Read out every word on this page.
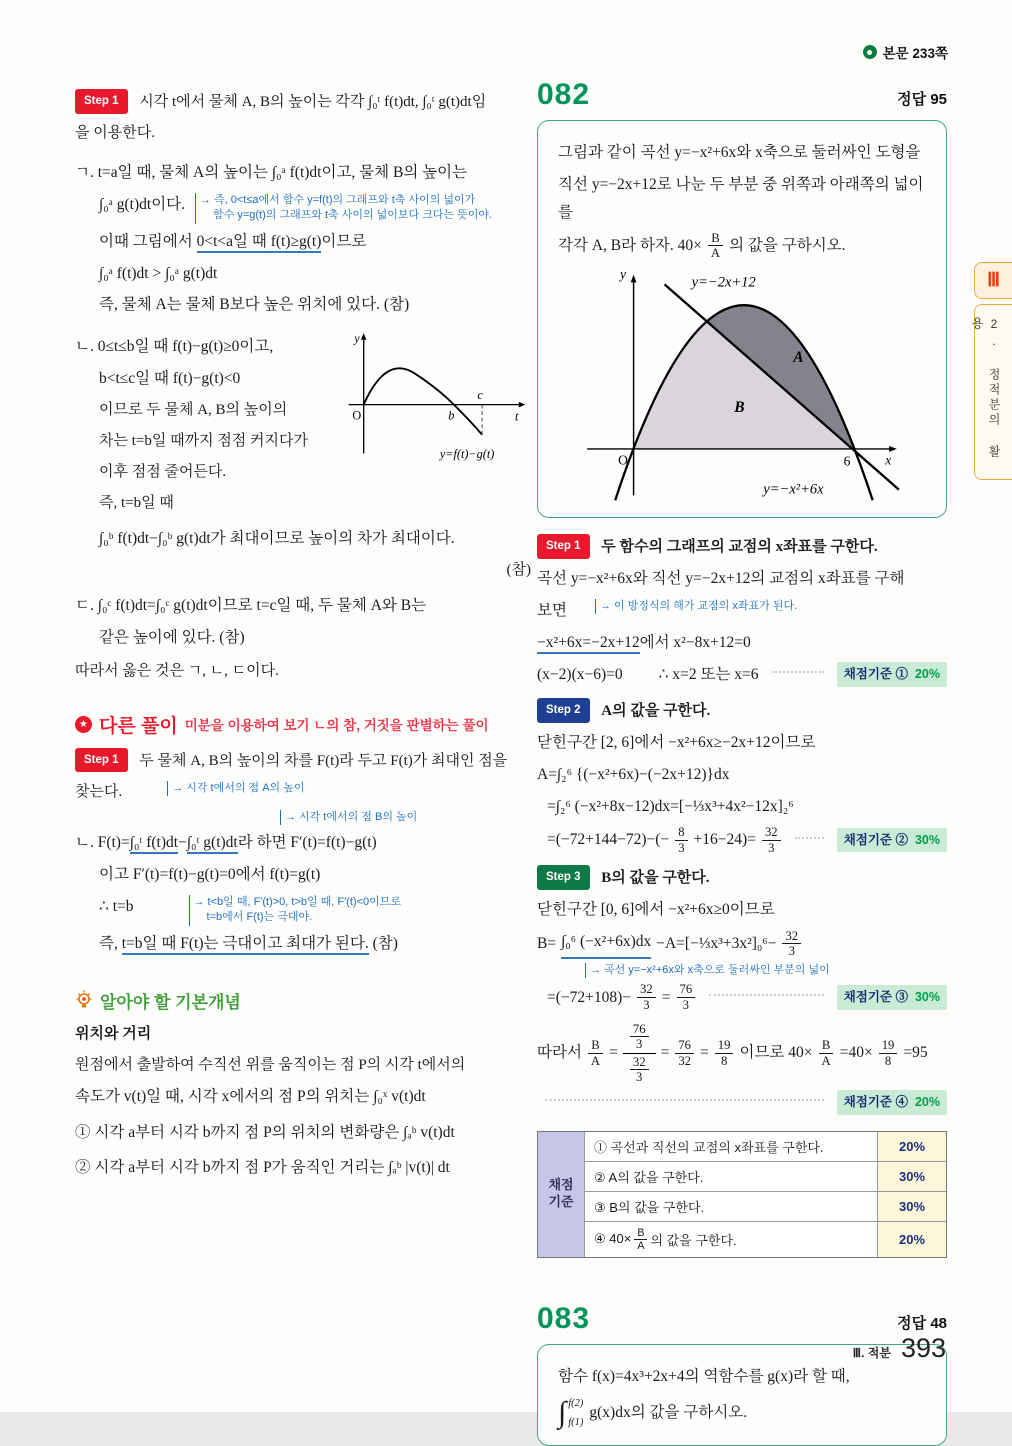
본문 233쪽
Ⅲ
2. 정적분의 활용
Step 1 시각 t에서 물체 A, B의 높이는 각각 ∫₀ᵗ f(t)dt, ∫₀ᵗ g(t)dt임
을 이용한다.
ㄱ. t=a일 때, 물체 A의 높이는 ∫₀ᵃ f(t)dt이고, 물체 B의 높이는
∫₀ᵃ g(t)dt이다. → 즉, 0<t≤a에서 함수 y=f(t)의 그래프와 t축 사이의 넓이가
함수 y=g(t)의 그래프와 t축 사이의 넓이보다 크다는 뜻이야.
이때 그림에서 0<t<a일 때 f(t)≥g(t)이므로
∫₀ᵃ f(t)dt > ∫₀ᵃ g(t)dt
즉, 물체 A는 물체 B보다 높은 위치에 있다. (참)
ㄴ. 0≤t≤b일 때 f(t)−g(t)≥0이고,
b<t≤c일 때 f(t)−g(t)<0
이므로 두 물체 A, B의 높이의
차는 t=b일 때까지 점점 커지다가
이후 점점 줄어든다.
즉, t=b일 때
y
O	b
c
t
y=f(t)−g(t)
∫₀ᵇ f(t)dt−∫₀ᵇ g(t)dt가 최대이므로 높이의 차가 최대이다.
(참)
ㄷ. ∫₀ᶜ f(t)dt=∫₀ᶜ g(t)dt이므로 t=c일 때, 두 물체 A와 B는
같은 높이에 있다. (참)
따라서 옳은 것은 ㄱ, ㄴ, ㄷ이다.
★ 다른 풀이 미분을 이용하여 보기 ㄴ의 참, 거짓을 판별하는 풀이
Step 1 두 물체 A, B의 높이의 차를 F(t)라 두고 F(t)가 최대인 점을
찾는다.	→ 시각 t에서의 점 A의 높이
→ 시각 t에서의 점 B의 높이
ㄴ. F(t)=∫₀ᵗ f(t)dt−∫₀ᵗ g(t)dt라 하면 F′(t)=f(t)−g(t)
이고 F′(t)=f(t)−g(t)=0에서 f(t)=g(t)
∴ t=b	→ t<b일 때, F′(t)>0, t>b일 때, F′(t)<0이므로
t=b에서 F(t)는 극대야.
즉, t=b일 때 F(t)는 극대이고 최대가 된다. (참)
알아야 할 기본개념
위치와 거리
원점에서 출발하여 수직선 위를 움직이는 점 P의 시각 t에서의
속도가 v(t)일 때, 시각 x에서의 점 P의 위치는 ∫₀ˣ v(t)dt
① 시각 a부터 시각 b까지 점 P의 위치의 변화량은 ∫ₐᵇ v(t)dt
② 시각 a부터 시각 b까지 점 P가 움직인 거리는 ∫ₐᵇ |v(t)| dt
082	정답 95
그림과 같이 곡선 y=−x²+6x와 x축으로 둘러싸인 도형을
직선 y=−2x+12로 나눈 두 부분 중 위쪽과 아래쪽의 넓이를
각각 A, B라 하자. $40\times \frac{B}{A}$ 의 값을 구하시오.
y=−2x+12
A
B
O	6 x
y
y=−x²+6x
Step 1 두 함수의 그래프의 교점의 x좌표를 구한다.
곡선 y=−x²+6x와 직선 y=−2x+12의 교점의 x좌표를 구해
보면	→ 이 방정식의 해가 교점의 x좌표가 된다.
−x²+6x=−2x+12에서 x²−8x+12=0
(x−2)(x−6)=0 ∴ x=2 또는 x=6	채점기준 ① 20%
Step 2 A의 값을 구한다.
닫힌구간 [2, 6]에서 −x²+6x≥−2x+12이므로
A=∫₂⁶ {(−x²+6x)−(−2x+12)}dx
=∫₂⁶ (−x²+8x−12)dx=[−⅓x³+4x²−12x]₂⁶
$=(-72+144-72)-(- \frac{8}{3} +16-24)= \frac{32}{3}$	채점기준 ② 30%
Step 3 B의 값을 구한다.
닫힌구간 [0, 6]에서 −x²+6x≥0이므로
B= ∫₀⁶ (−x²+6x)dx −A=[−⅓x³+3x²]₀⁶− $\frac{32}{3}$
→ 곡선 y=−x²+6x와 x축으로 둘러싸인 부분의 넓이
$=(-72+108)- \frac{32}{3} = \frac{76}{3}$	채점기준 ③ 30%
따라서 $\frac{B}{A} = \frac{\frac{76}{3}}{\frac{32}{3}} = \frac{76}{32} = \frac{19}{8}$ 이므로 $40\times \frac{B}{A} =40\times \frac{19}{8} =95$
채점기준 ④ 20%
채점
기준
① 곡선과 직선의 교점의 x좌표를 구한다.	20%
② A의 값을 구한다.	30%
③ B의 값을 구한다.	30%
④ $40\times \frac{B}{A}$ 의 값을 구한다.	20%
083	정답 48
함수 f(x)=4x³+2x+4의 역함수를 g(x)라 할 때,
∫ f(2)
f(1)
g(x)dx의 값을 구하시오.
Ⅲ. 적분 393
